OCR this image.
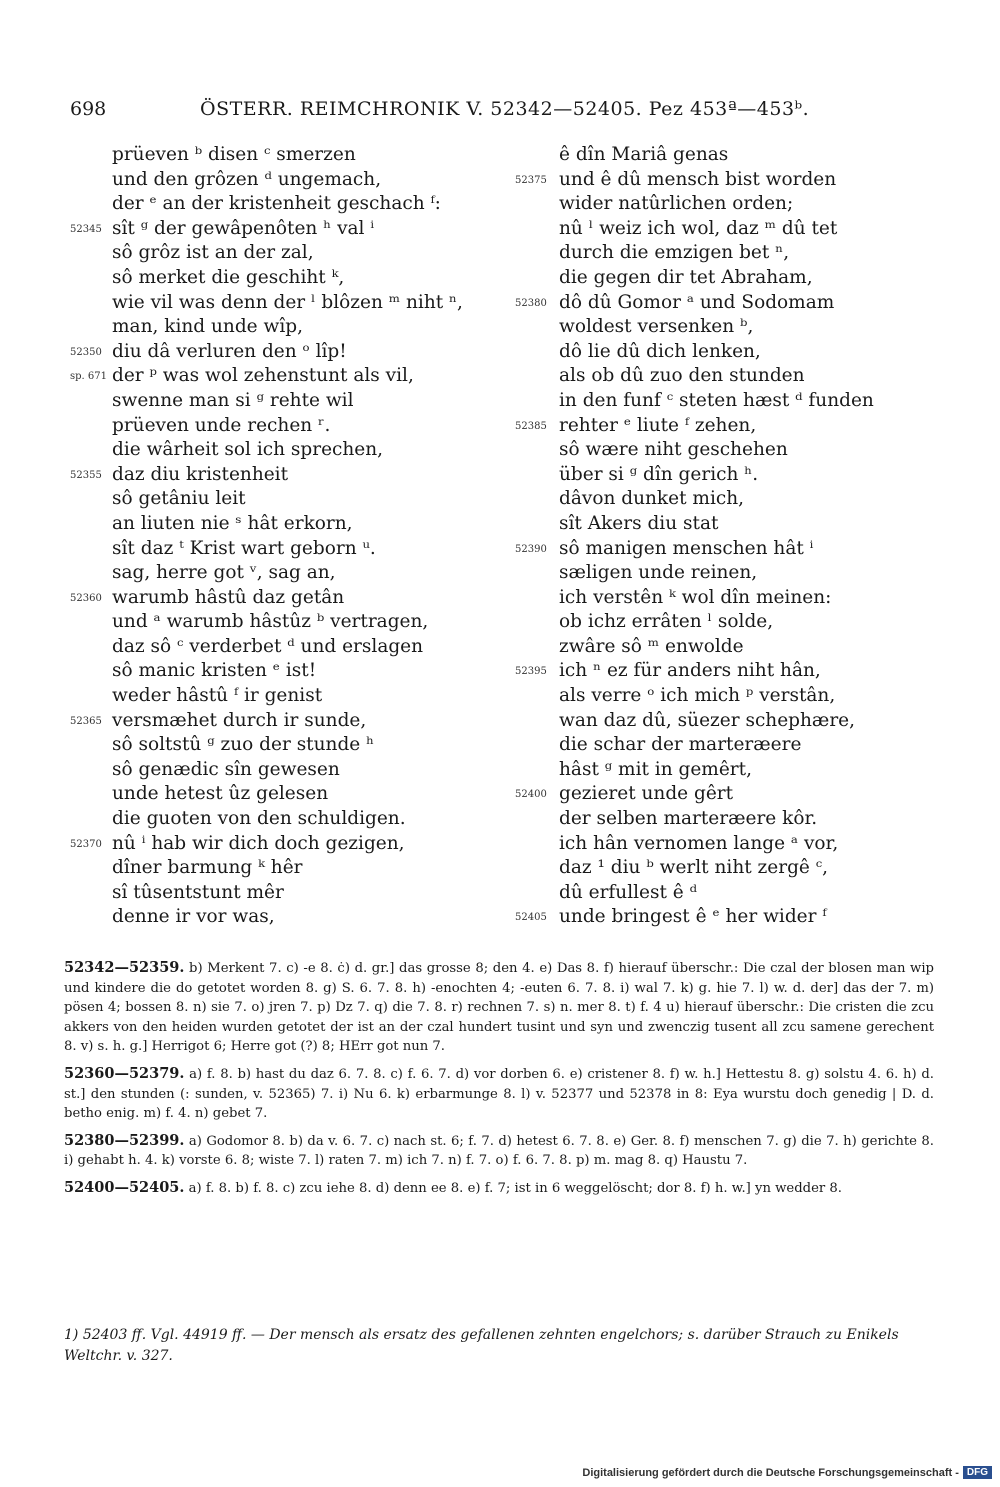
698	ÖSTERR. REIMCHRONIK V. 52342—52405. Pez 453ª—453ᵇ.
prüeven ᵇ disen ᶜ smerzen
und den grôzen ᵈ ungemach,
der ᵉ an der kristenheit geschach ᶠ:
52345 sît ᵍ der gewâpenôten ʰ val ⁱ
sô grôz ist an der zal,
sô merket die geschiht ᵏ,
wie vil was denn der ˡ blôzen ᵐ niht ⁿ,
man, kind unde wîp,
52350 diu dâ verluren den ᵒ lîp!
sp. 671 der ᵖ was wol zehenstunt als vil,
swenne man si ᵍ rehte wil
prüeven unde rechen ʳ.
die wârheit sol ich sprechen,
52355 daz diu kristenheit
sô getâniu leit
an liuten nie ˢ hât erkorn,
sît daz ᵗ Krist wart geborn ᵘ.
sag, herre got ᵛ, sag an,
52360 warumb hâstû daz getân
und ᵃ warumb hâstûz ᵇ vertragen,
daz sô ᶜ verderbet ᵈ und erslagen
sô manic kristen ᵉ ist!
weder hâstû ᶠ ir genist
52365 versmæhet durch ir sunde,
sô soltstû ᵍ zuo der stunde ʰ
sô genædic sîn gewesen
unde hetest ûz gelesen
die guoten von den schuldigen.
52370 nû ⁱ hab wir dich doch gezigen,
dîner barmung ᵏ hêr
sî tûsentstunt mêr
denne ir vor was,
ê dîn Mariâ genas
52375 und ê dû mensch bist worden
wider natûrlichen orden;
nû ˡ weiz ich wol, daz ᵐ dû tet
durch die emzigen bet ⁿ,
die gegen dir tet Abraham,
52380 dô dû Gomor ᵃ und Sodomam
woldest versenken ᵇ,
dô lie dû dich lenken,
als ob dû zuo den stunden
in den funf ᶜ steten hæst ᵈ funden
52385 rehter ᵉ liute ᶠ zehen,
sô wære niht geschehen
über si ᵍ dîn gerich ʰ.
dâvon dunket mich,
sît Akers diu stat
52390 sô manigen menschen hât ⁱ
sæligen unde reinen,
ich verstên ᵏ wol dîn meinen:
ob ichz errâten ˡ solde,
zwâre sô ᵐ enwolde
52395 ich ⁿ ez für anders niht hân,
als verre ᵒ ich mich ᵖ verstân,
wan daz dû, süezer schephære,
die schar der marteræere
hâst ᵍ mit in gemêrt,
52400 gezieret unde gêrt
der selben marteræere kôr.
ich hân vernomen lange ᵃ vor,
daz ¹ diu ᵇ werlt niht zergê ᶜ,
dû erfullest ê ᵈ
52405 unde bringest ê ᵉ her wider ᶠ

52342—52359. b) Merkent 7. c) -e 8. ċ) d. gr.] das grosse 8; den 4. e) Das 8. f) hierauf überschr.: Die czal der blosen man wip und kindere die do getotet worden 8. g) S. 6. 7. 8. h) -enochten 4; -euten 6. 7. 8. i) wal 7. k) g. hie 7. l) w. d. der] das der 7. m) pösen 4; bossen 8. n) sie 7. o) jren 7. p) Dz 7. q) die 7. 8. r) rechnen 7. s) n. mer 8. t) f. 4 u) hierauf überschr.: Die cristen die zcu akkers von den heiden wurden getotet der ist an der czal hundert tusint und syn und zwenczig tusent all zcu samene gerechent 8. v) s. h. g.] Herrigot 6; Herre got (?) 8; HErr got nun 7.

52360—52379. a) f. 8. b) hast du daz 6. 7. 8. c) f. 6. 7. d) vor dorben 6. e) cristener 8. f) w. h.] Hettestu 8. g) solstu 4. 6. h) d. st.] den stunden (: sunden, v. 52365) 7. i) Nu 6. k) erbarmunge 8. l) v. 52377 und 52378 in 8: Eya wurstu doch genedig | D. d. betho enig. m) f. 4. n) gebet 7.

52380—52399. a) Godomor 8. b) da v. 6. 7. c) nach st. 6; f. 7. d) hetest 6. 7. 8. e) Ger. 8. f) menschen 7. g) die 7. h) gerichte 8. i) gehabt h. 4. k) vorste 6. 8; wiste 7. l) raten 7. m) ich 7. n) f. 7. o) f. 6. 7. 8. p) m. mag 8. q) Haustu 7.

52400—52405. a) f. 8. b) f. 8. c) zcu iehe 8. d) denn ee 8. e) f. 7; ist in 6 weggelöscht; dor 8. f) h. w.] yn wedder 8.

1) 52403 ff. Vgl. 44919 ff. — Der mensch als ersatz des gefallenen zehnten engelchors; s. darüber Strauch zu Enikels Weltchr. v. 327.
Digitalisierung gefördert durch die Deutsche Forschungsgemeinschaft - DFG
